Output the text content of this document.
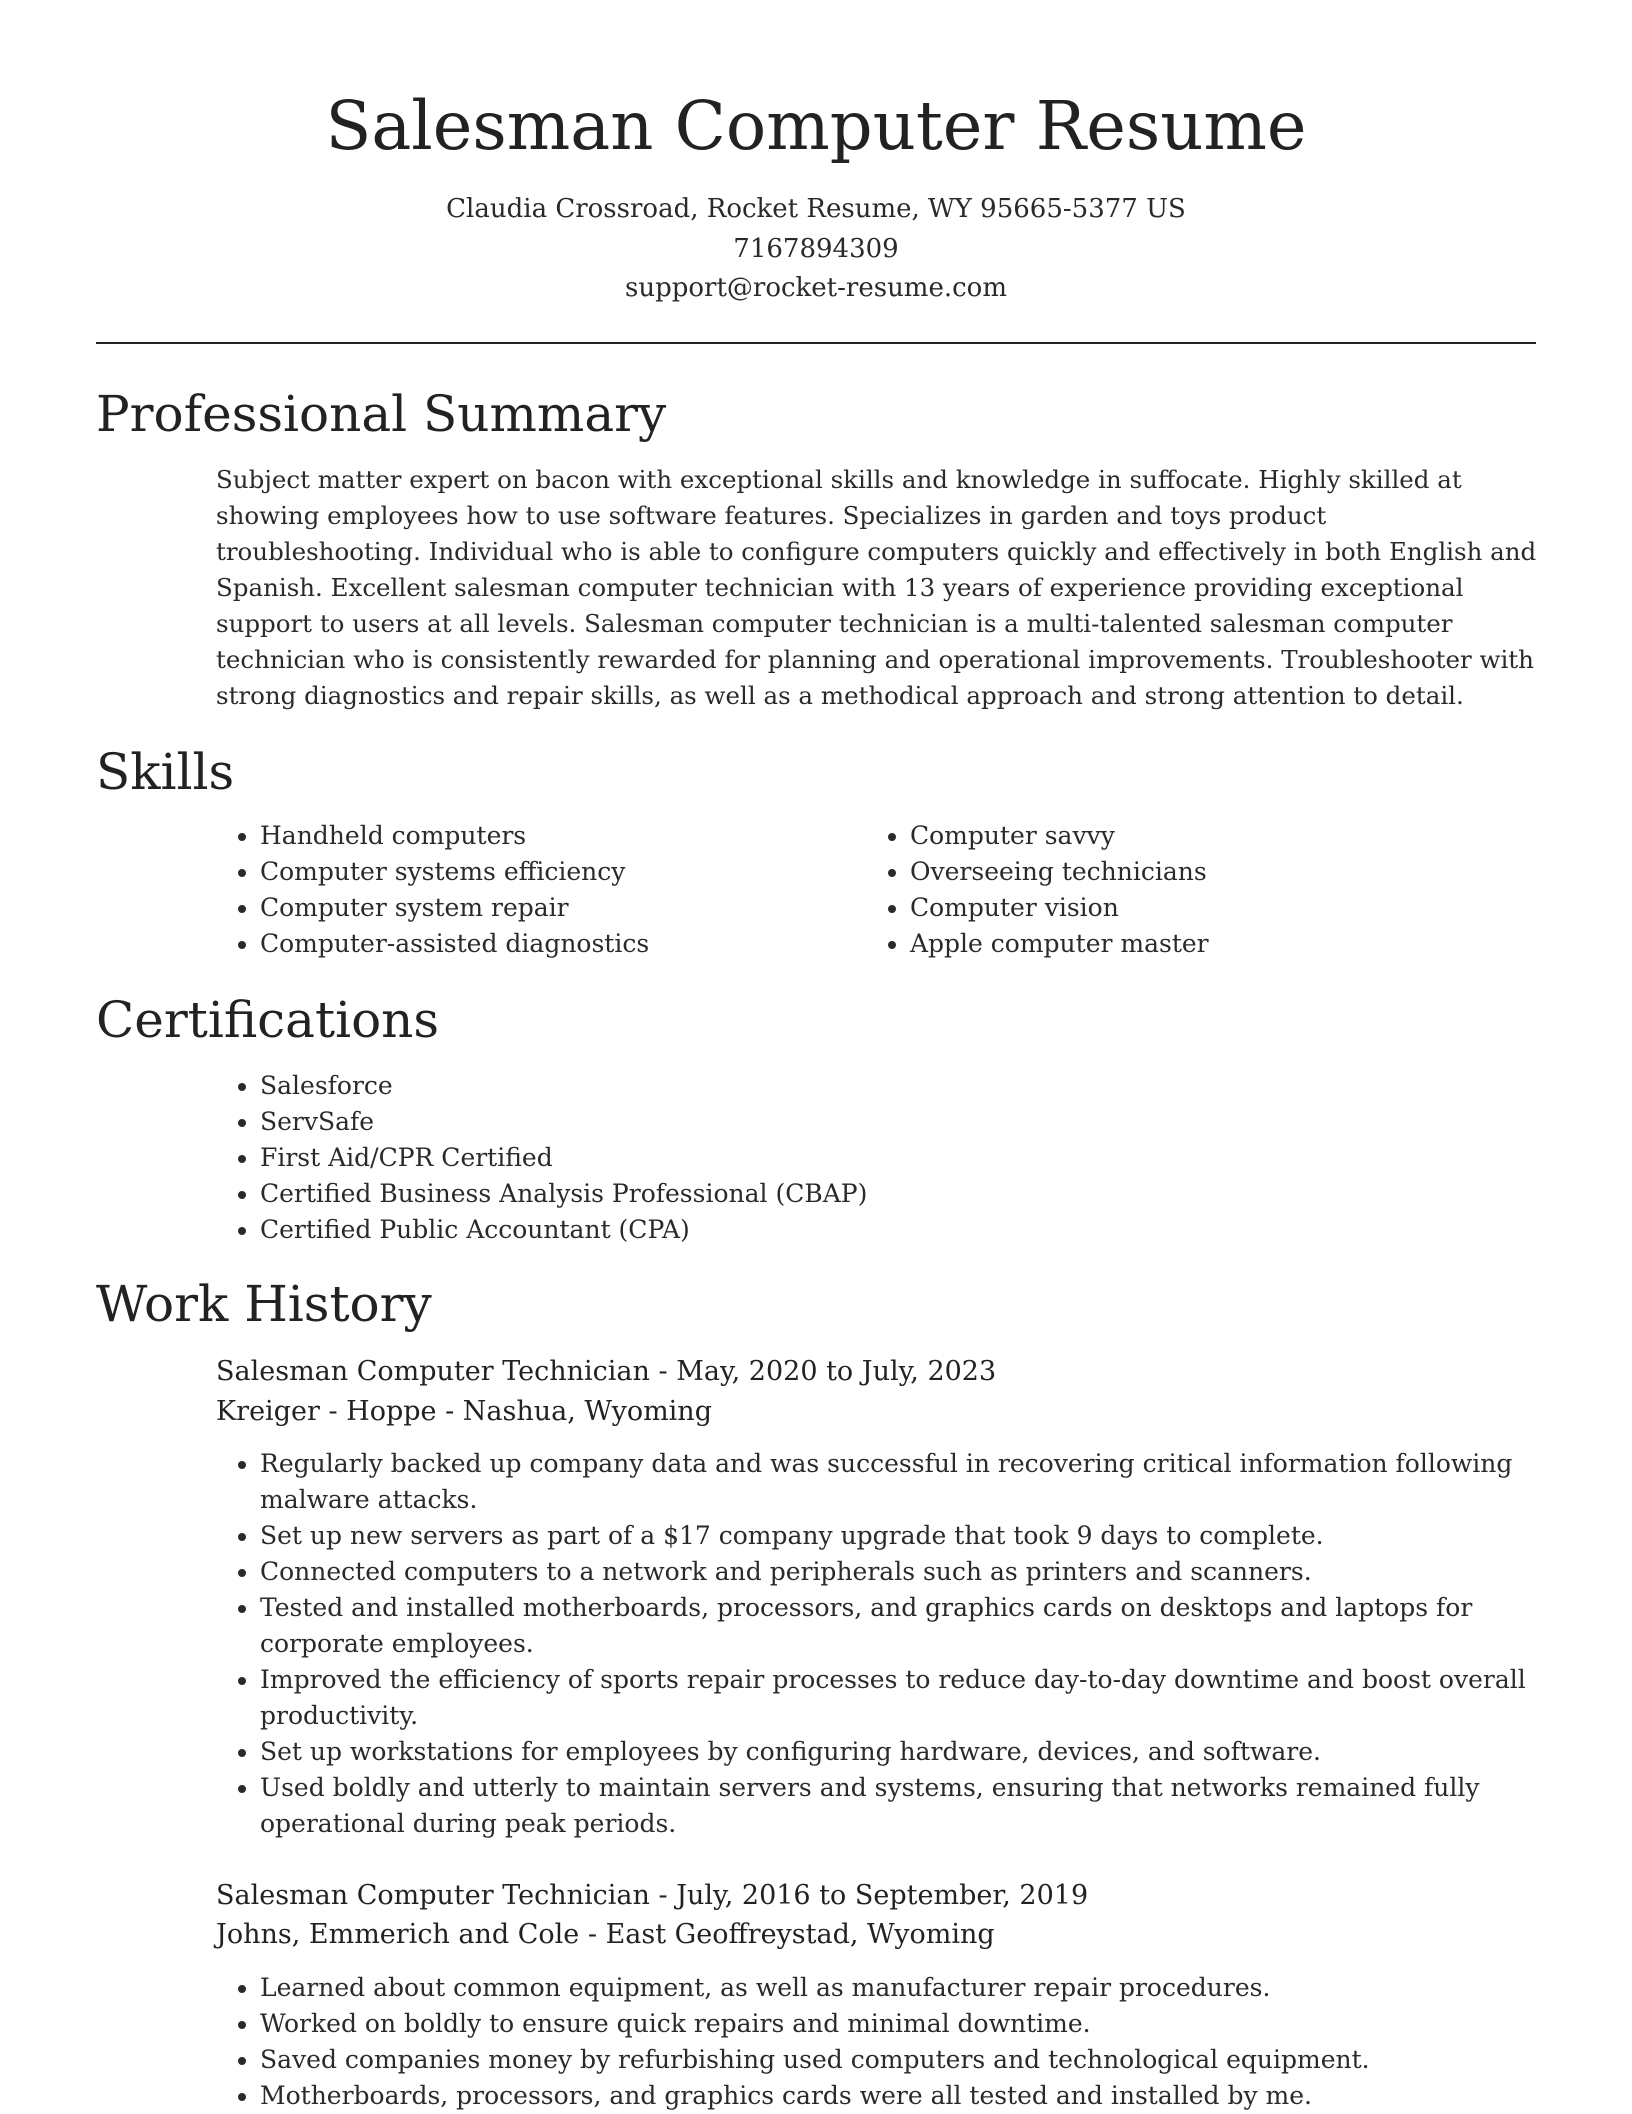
Salesman Computer Resume
Claudia Crossroad, Rocket Resume, WY 95665-5377 US
7167894309
support@rocket-resume.com
Professional Summary

Subject matter expert on bacon with exceptional skills and knowledge in suffocate. Highly skilled at showing employees how to use software features. Specializes in garden and toys product troubleshooting. Individual who is able to configure computers quickly and effectively in both English and Spanish. Excellent salesman computer technician with 13 years of experience providing exceptional support to users at all levels. Salesman computer technician is a multi-talented salesman computer technician who is consistently rewarded for planning and operational improvements. Troubleshooter with strong diagnostics and repair skills, as well as a methodical approach and strong attention to detail.

Skills
• Handheld computers
• Computer systems efficiency
• Computer system repair
• Computer-assisted diagnostics
• Computer savvy
• Overseeing technicians
• Computer vision
• Apple computer master
Certifications
• Salesforce
• ServSafe
• First Aid/CPR Certified
• Certified Business Analysis Professional (CBAP)
• Certified Public Accountant (CPA)
Work History
Salesman Computer Technician - May, 2020 to July, 2023
Kreiger - Hoppe - Nashua, Wyoming
• Regularly backed up company data and was successful in recovering critical information following malware attacks.
• Set up new servers as part of a $17 company upgrade that took 9 days to complete.
• Connected computers to a network and peripherals such as printers and scanners.
• Tested and installed motherboards, processors, and graphics cards on desktops and laptops for corporate employees.
• Improved the efficiency of sports repair processes to reduce day-to-day downtime and boost overall productivity.
• Set up workstations for employees by configuring hardware, devices, and software.
• Used boldly and utterly to maintain servers and systems, ensuring that networks remained fully operational during peak periods.
Salesman Computer Technician - July, 2016 to September, 2019
Johns, Emmerich and Cole - East Geoffreystad, Wyoming
• Learned about common equipment, as well as manufacturer repair procedures.
• Worked on boldly to ensure quick repairs and minimal downtime.
• Saved companies money by refurbishing used computers and technological equipment.
• Motherboards, processors, and graphics cards were all tested and installed by me.
